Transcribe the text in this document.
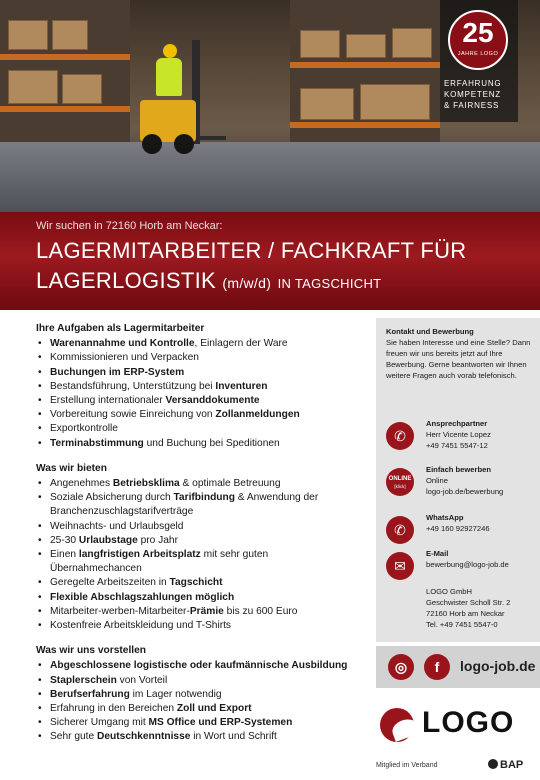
25
JAHRE LOGO
ERFAHRUNG
KOMPETENZ
& FAIRNESS
Wir suchen in 72160 Horb am Neckar:
LAGERMITARBEITER / FACHKRAFT FÜR
LAGERLOGISTIK (m/w/d) IN TAGSCHICHT
Ihre Aufgaben als Lagermitarbeiter
• Warenannahme und Kontrolle, Einlagern der Ware
• Kommissionieren und Verpacken
• Buchungen im ERP-System
• Bestandsführung, Unterstützung bei Inventuren
• Erstellung internationaler Versanddokumente
• Vorbereitung sowie Einreichung von Zollanmeldungen
• Exportkontrolle
• Terminabstimmung und Buchung bei Speditionen
Was wir bieten
• Angenehmes Betriebsklima & optimale Betreuung
• Soziale Absicherung durch Tarifbindung & Anwendung der Branchenzuschlagstarifverträge
• Weihnachts- und Urlaubsgeld
• 25-30 Urlaubstage pro Jahr
• Einen langfristigen Arbeitsplatz mit sehr guten Übernahmechancen
• Geregelte Arbeitszeiten in Tagschicht
• Flexible Abschlagszahlungen möglich
• Mitarbeiter-werben-Mitarbeiter-Prämie bis zu 600 Euro
• Kostenfreie Arbeitskleidung und T-Shirts
Was wir uns vorstellen
• Abgeschlossene logistische oder kaufmännische Ausbildung
• Staplerschein von Vorteil
• Berufserfahrung im Lager notwendig
• Erfahrung in den Bereichen Zoll und Export
• Sicherer Umgang mit MS Office und ERP-Systemen
• Sehr gute Deutschkenntnisse in Wort und Schrift
Kontakt und Bewerbung
Sie haben Interesse und eine Stelle? Dann freuen wir uns bereits jetzt auf Ihre Bewerbung. Gerne beantworten wir Ihnen weitere Fragen auch vorab telefonisch.
✆
Ansprechpartner
Herr Vicente Lopez
+49 7451 5547-12
ONLINE
[klick]
Einfach bewerben
Online
logo-job.de/bewerbung
✆
WhatsApp
+49 160 92927246
✉
E-Mail
bewerbung@logo-job.de
LOGO GmbH
Geschwister Scholl Str. 2
72160 Horb am Neckar
Tel. +49 7451 5547-0
◎	f	logo-job.de
LOGO
Mitglied im Verband	BAP
